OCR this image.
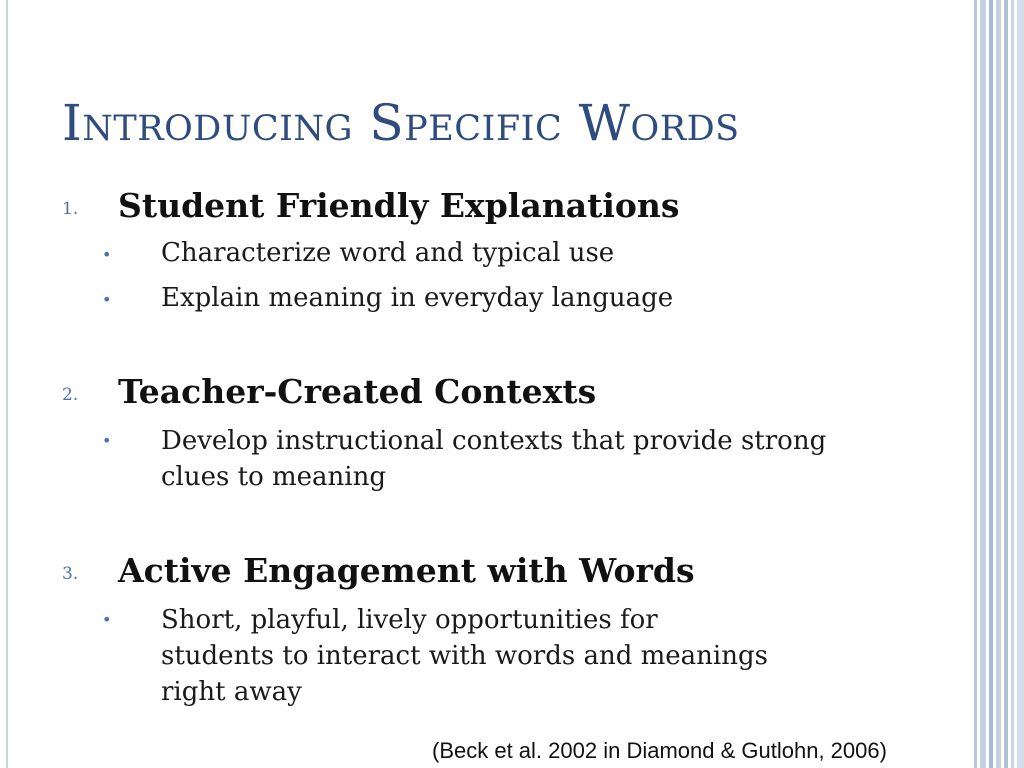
Introducing Specific Words
1. Student Friendly Explanations
• Characterize word and typical use
• Explain meaning in everyday language
2. Teacher-Created Contexts
• Develop instructional contexts that provide strong clues to meaning
3. Active Engagement with Words
• Short, playful, lively opportunities for students to interact with words and meanings right away
(Beck et al. 2002 in Diamond & Gutlohn, 2006)
